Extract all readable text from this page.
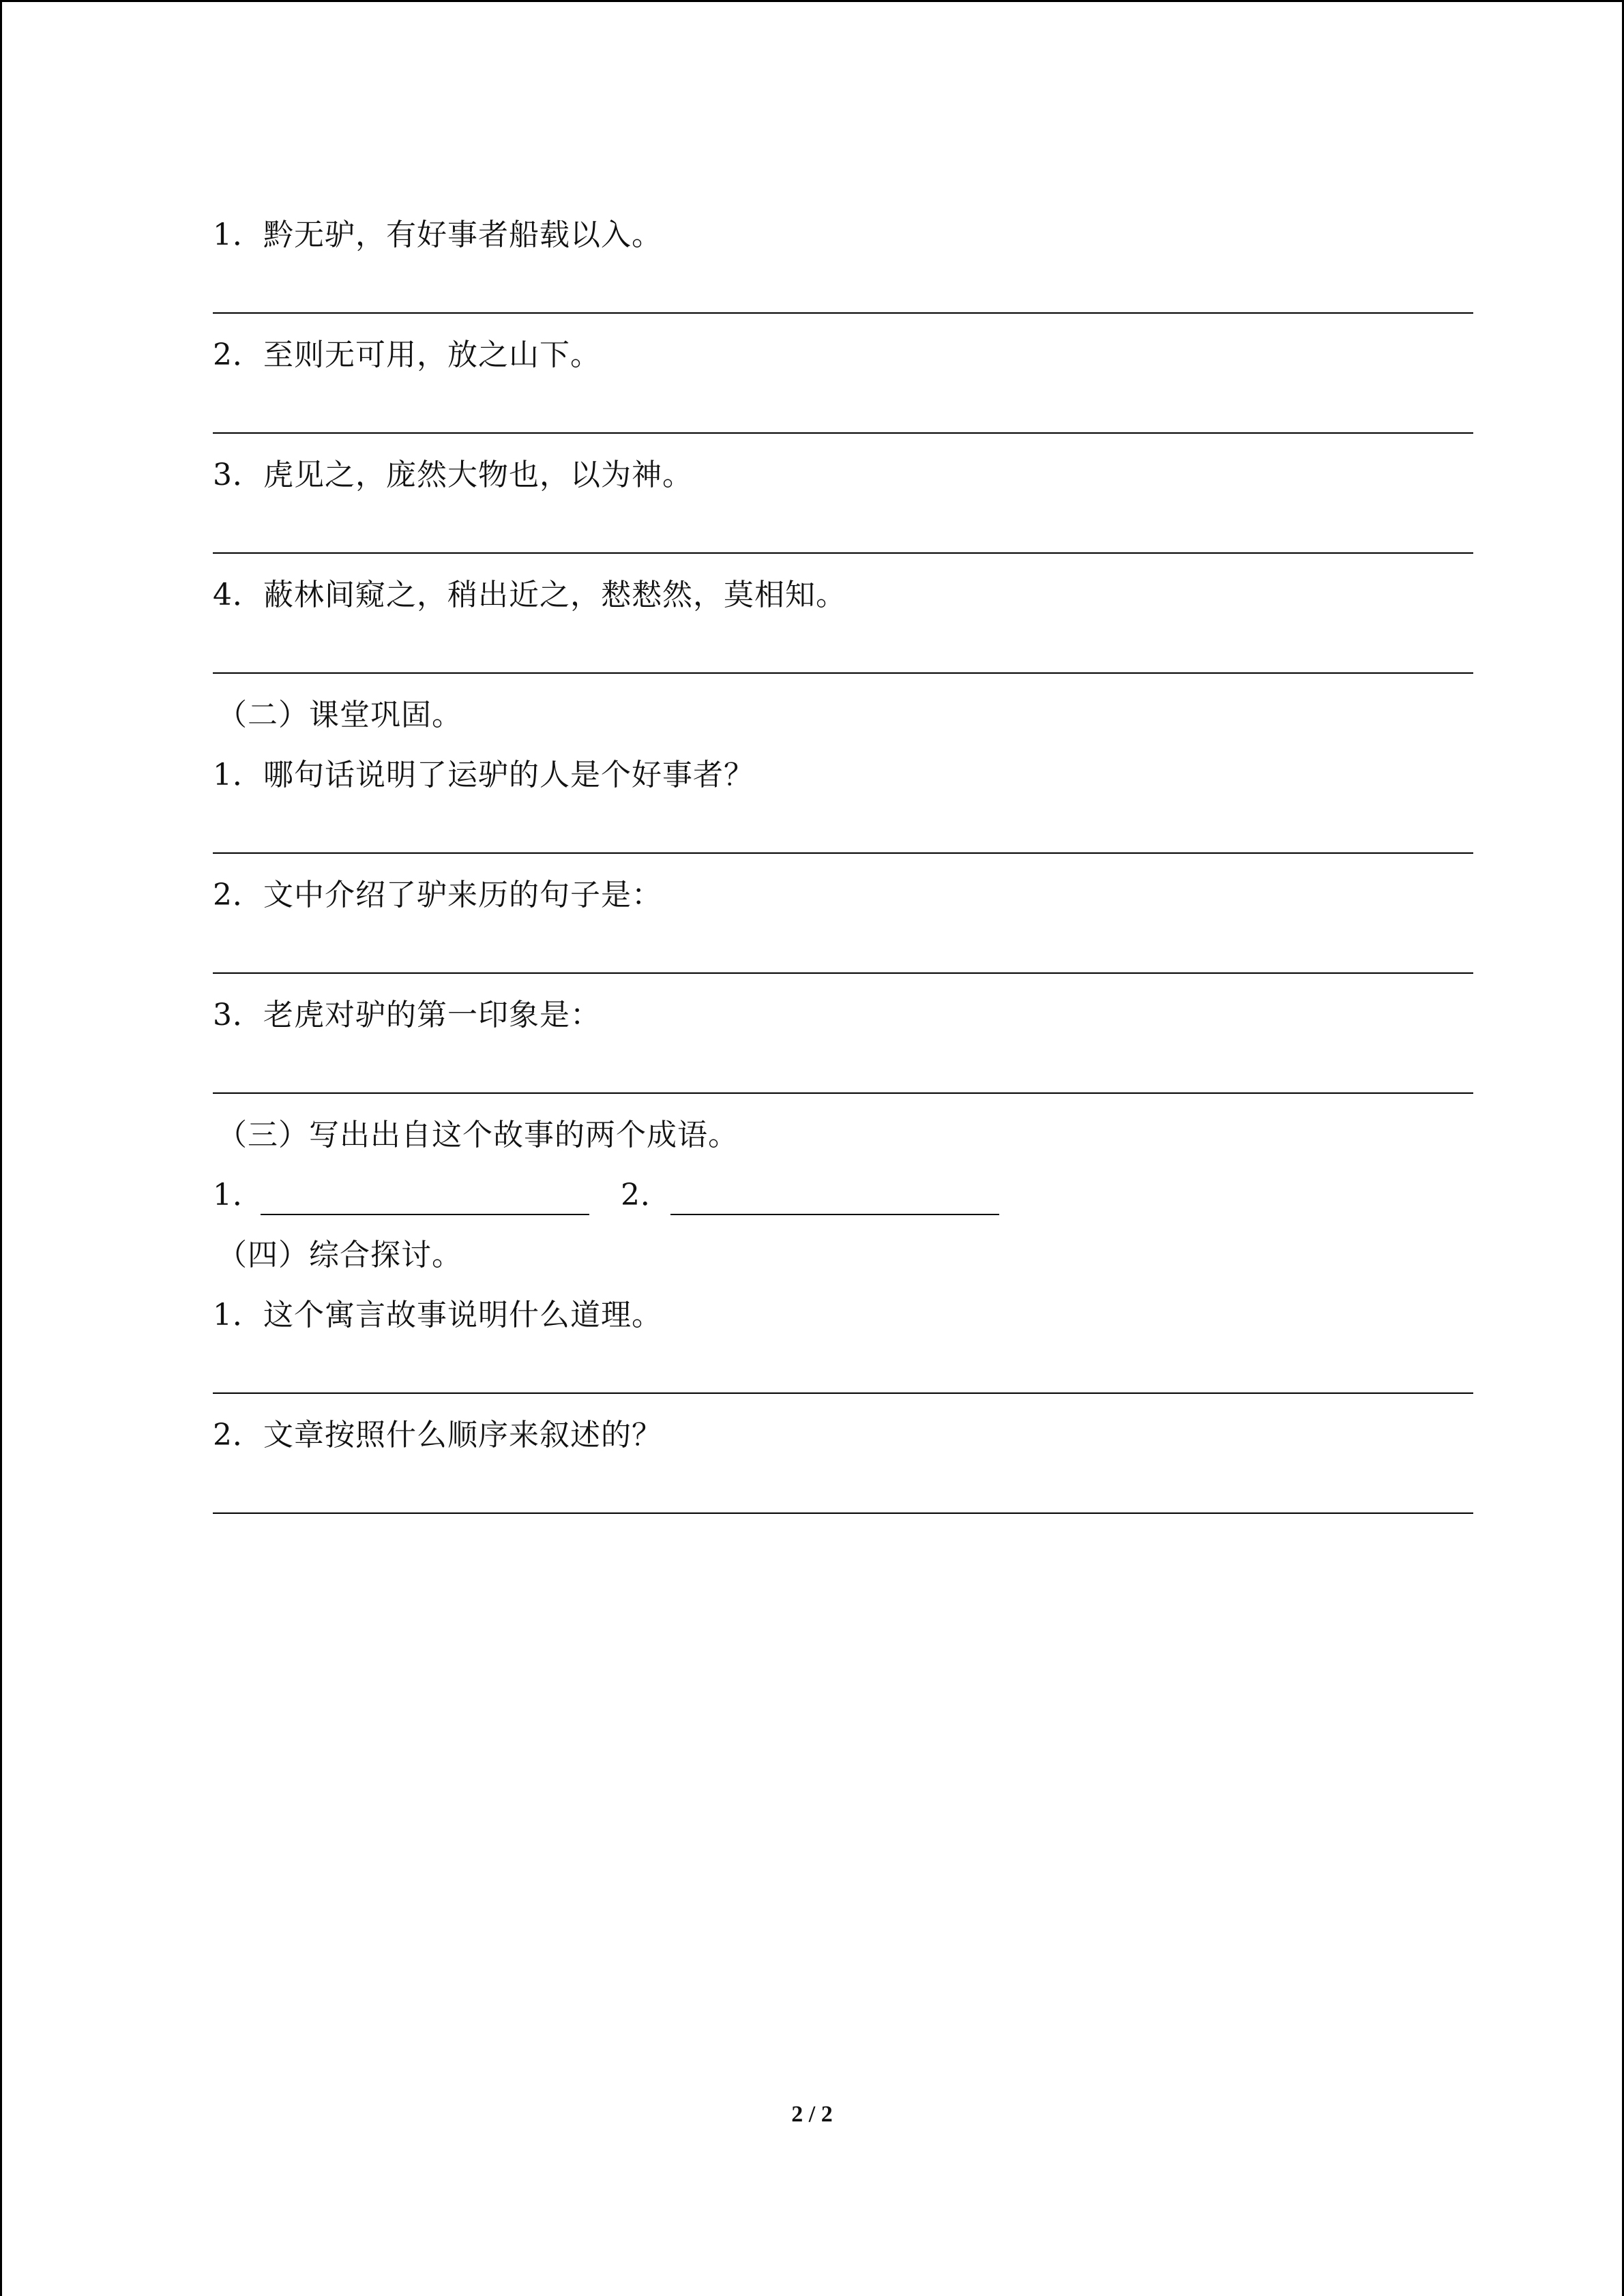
1．黔无驴，有好事者船载以入。
2．至则无可用，放之山下。
3．虎见之，庞然大物也，以为神。
4．蔽林间窥之，稍出近之，慭慭然，莫相知。
（二）课堂巩固。
1．哪句话说明了运驴的人是个好事者？
2．文中介绍了驴来历的句子是：
3．老虎对驴的第一印象是：
（三）写出出自这个故事的两个成语。
1．	2．
（四）综合探讨。
1．这个寓言故事说明什么道理。
2．文章按照什么顺序来叙述的？
2 / 2
